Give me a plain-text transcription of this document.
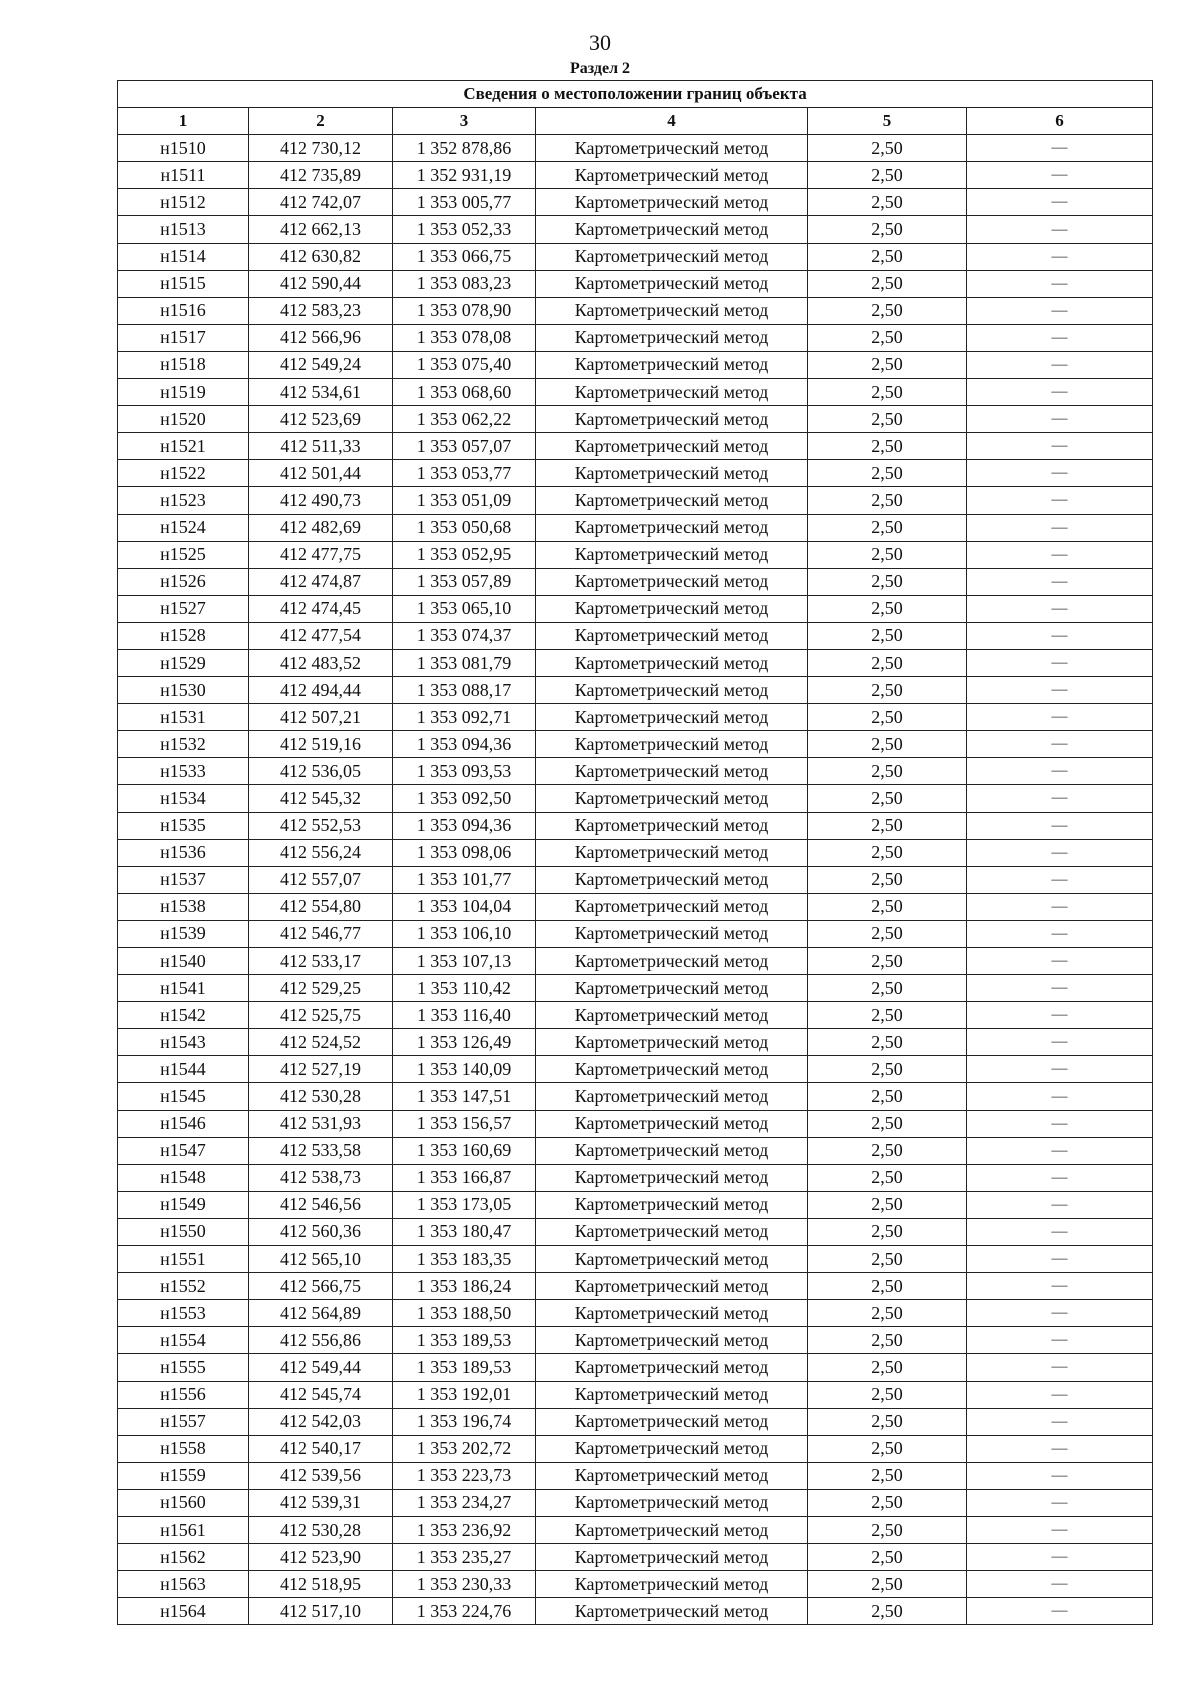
30
Раздел 2
Сведения о местоположении границ объекта					
1	2	3	4	5	6
н1510	412 730,12	1 352 878,86	Картометрический метод	2,50	—
н1511	412 735,89	1 352 931,19	Картометрический метод	2,50	—
н1512	412 742,07	1 353 005,77	Картометрический метод	2,50	—
н1513	412 662,13	1 353 052,33	Картометрический метод	2,50	—
н1514	412 630,82	1 353 066,75	Картометрический метод	2,50	—
н1515	412 590,44	1 353 083,23	Картометрический метод	2,50	—
н1516	412 583,23	1 353 078,90	Картометрический метод	2,50	—
н1517	412 566,96	1 353 078,08	Картометрический метод	2,50	—
н1518	412 549,24	1 353 075,40	Картометрический метод	2,50	—
н1519	412 534,61	1 353 068,60	Картометрический метод	2,50	—
н1520	412 523,69	1 353 062,22	Картометрический метод	2,50	—
н1521	412 511,33	1 353 057,07	Картометрический метод	2,50	—
н1522	412 501,44	1 353 053,77	Картометрический метод	2,50	—
н1523	412 490,73	1 353 051,09	Картометрический метод	2,50	—
н1524	412 482,69	1 353 050,68	Картометрический метод	2,50	—
н1525	412 477,75	1 353 052,95	Картометрический метод	2,50	—
н1526	412 474,87	1 353 057,89	Картометрический метод	2,50	—
н1527	412 474,45	1 353 065,10	Картометрический метод	2,50	—
н1528	412 477,54	1 353 074,37	Картометрический метод	2,50	—
н1529	412 483,52	1 353 081,79	Картометрический метод	2,50	—
н1530	412 494,44	1 353 088,17	Картометрический метод	2,50	—
н1531	412 507,21	1 353 092,71	Картометрический метод	2,50	—
н1532	412 519,16	1 353 094,36	Картометрический метод	2,50	—
н1533	412 536,05	1 353 093,53	Картометрический метод	2,50	—
н1534	412 545,32	1 353 092,50	Картометрический метод	2,50	—
н1535	412 552,53	1 353 094,36	Картометрический метод	2,50	—
н1536	412 556,24	1 353 098,06	Картометрический метод	2,50	—
н1537	412 557,07	1 353 101,77	Картометрический метод	2,50	—
н1538	412 554,80	1 353 104,04	Картометрический метод	2,50	—
н1539	412 546,77	1 353 106,10	Картометрический метод	2,50	—
н1540	412 533,17	1 353 107,13	Картометрический метод	2,50	—
н1541	412 529,25	1 353 110,42	Картометрический метод	2,50	—
н1542	412 525,75	1 353 116,40	Картометрический метод	2,50	—
н1543	412 524,52	1 353 126,49	Картометрический метод	2,50	—
н1544	412 527,19	1 353 140,09	Картометрический метод	2,50	—
н1545	412 530,28	1 353 147,51	Картометрический метод	2,50	—
н1546	412 531,93	1 353 156,57	Картометрический метод	2,50	—
н1547	412 533,58	1 353 160,69	Картометрический метод	2,50	—
н1548	412 538,73	1 353 166,87	Картометрический метод	2,50	—
н1549	412 546,56	1 353 173,05	Картометрический метод	2,50	—
н1550	412 560,36	1 353 180,47	Картометрический метод	2,50	—
н1551	412 565,10	1 353 183,35	Картометрический метод	2,50	—
н1552	412 566,75	1 353 186,24	Картометрический метод	2,50	—
н1553	412 564,89	1 353 188,50	Картометрический метод	2,50	—
н1554	412 556,86	1 353 189,53	Картометрический метод	2,50	—
н1555	412 549,44	1 353 189,53	Картометрический метод	2,50	—
н1556	412 545,74	1 353 192,01	Картометрический метод	2,50	—
н1557	412 542,03	1 353 196,74	Картометрический метод	2,50	—
н1558	412 540,17	1 353 202,72	Картометрический метод	2,50	—
н1559	412 539,56	1 353 223,73	Картометрический метод	2,50	—
н1560	412 539,31	1 353 234,27	Картометрический метод	2,50	—
н1561	412 530,28	1 353 236,92	Картометрический метод	2,50	—
н1562	412 523,90	1 353 235,27	Картометрический метод	2,50	—
н1563	412 518,95	1 353 230,33	Картометрический метод	2,50	—
н1564	412 517,10	1 353 224,76	Картометрический метод	2,50	—
